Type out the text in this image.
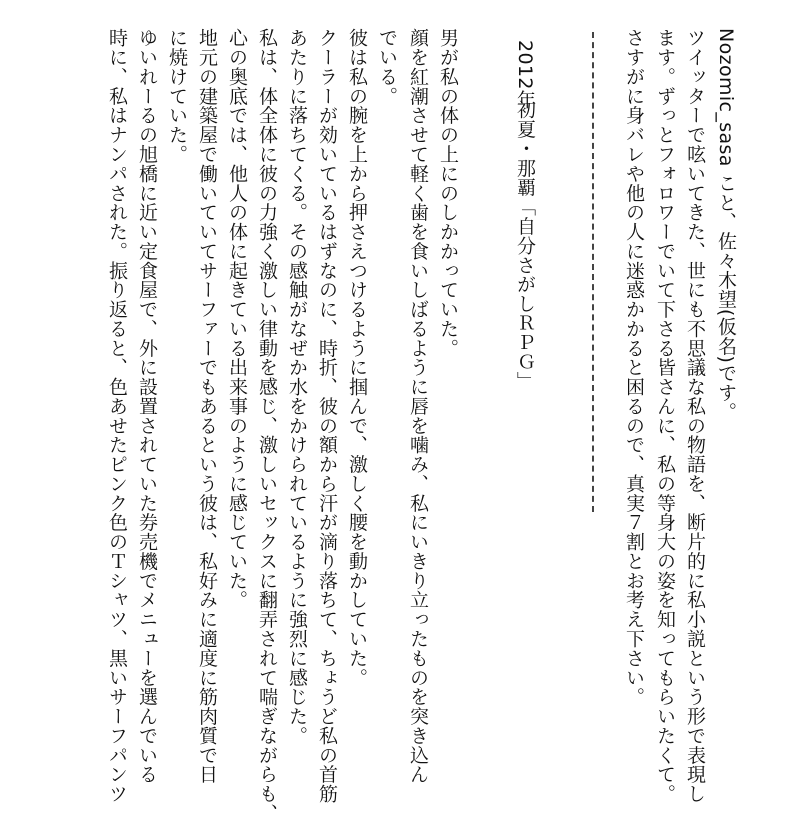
Nozomic_sasa こと、佐々木望(仮名)です。
ツイッターで呟いてきた、世にも不思議な私の物語を、断片的に私小説という形で表現し
ます。ずっとフォロワーでいて下さる皆さんに、私の等身大の姿を知ってもらいたくて。
さすがに身バレや他の人に迷惑かかると困るので、真実７割とお考え下さい。
2012年
初夏・那覇「自分さがしＲＰＧ」
男が私の体の上にのしかかっていた。
顔を紅潮させて軽く歯を食いしばるように唇を噛み、私にいきり立ったものを突き込ん
でいる。
彼は私の腕を上から押さえつけるように掴んで、激しく腰を動かしていた。
クーラーが効いているはずなのに、時折、彼の額から汗が滴り落ちて、ちょうど私の首筋
あたりに落ちてくる。その感触がなぜか水をかけられているように強烈に感じた。
私は、体全体に彼の力強く激しい律動を感じ、激しいセックスに翻弄されて喘ぎながらも、
心の奥底では、他人の体に起きている出来事のように感じていた。
地元の建築屋で働いていてサーファーでもあるという彼は、私好みに適度に筋肉質で日
に焼けていた。
ゆいれーるの旭橋に近い定食屋で、外に設置されていた券売機でメニューを選んでいる
時に、私はナンパされた。振り返ると、色あせたピンク色のＴシャツ、黒いサーフパンツ
